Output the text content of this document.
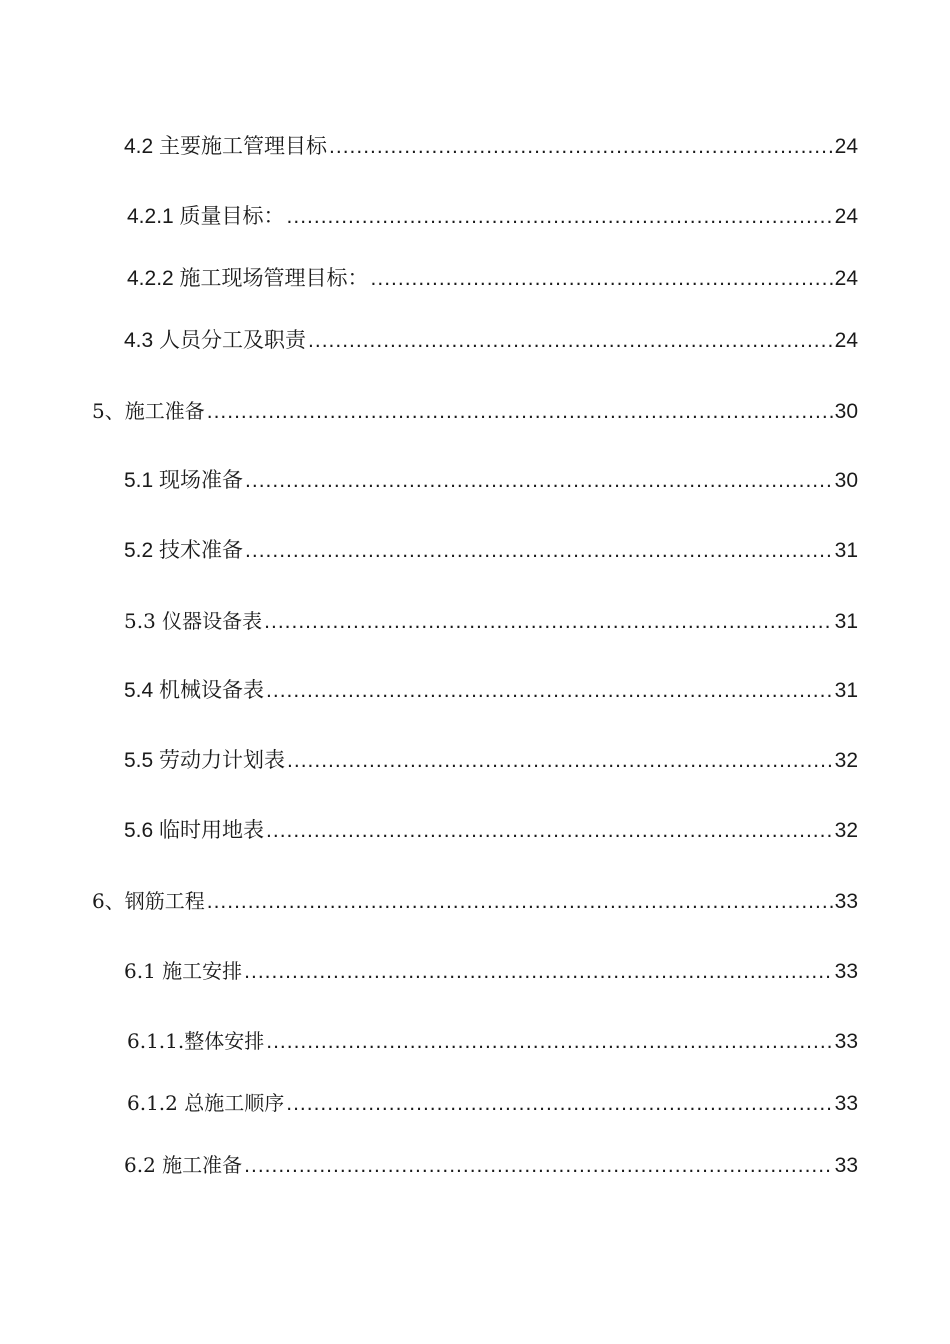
4.2 主要施工管理目标 .....	24
4.2.1 质量目标： .....	24
4.2.2 施工现场管理目标： .....	24
4.3 人员分工及职责 .....	24
5、施工准备 .....	30
5.1 现场准备 .....	30
5.2 技术准备 .....	31
5.3 仪器设备表 .....	31
5.4 机械设备表 .....	31
5.5 劳动力计划表 .....	32
5.6 临时用地表 .....	32
6、钢筋工程 .....	33
6.1 施工安排 .....	33
6.1.1.整体安排 .....	33
6.1.2 总施工顺序 .....	33
6.2 施工准备 .....	33
